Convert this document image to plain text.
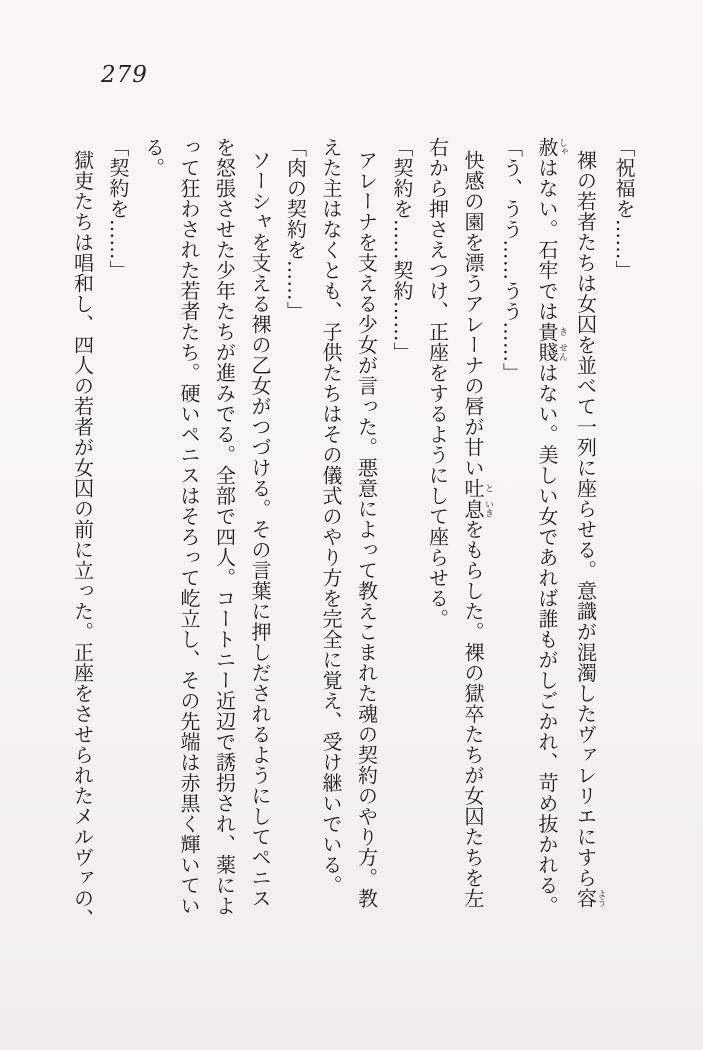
279
「祝福を……」
裸の若者たちは女囚を並べて一列に座らせる。意識が混濁したヴァレリエにすら容よう
赦しゃはない。石牢では貴き賤せんはない。美しい女であれば誰もがしごかれ、苛め抜かれる。
「う、うう……うう……」
快感の園を漂うアレーナの唇が甘い吐と息いきをもらした。裸の獄卒たちが女囚たちを左
右から押さえつけ、正座をするようにして座らせる。
「契約を……契約……」
アレーナを支える少女が言った。悪意によって教えこまれた魂の契約のやり方。教
えた主はなくとも、子供たちはその儀式のやり方を完全に覚え、受け継いでいる。
「肉の契約を……」
ソーシャを支える裸の乙女がつづける。その言葉に押しだされるようにしてペニス
を怒張させた少年たちが進みでる。全部で四人。コートニー近辺で誘拐され、薬によ
って狂わされた若者たち。硬いペニスはそろって屹立し、その先端は赤黒く輝いてい
る。
「契約を……」
獄吏たちは唱和し、四人の若者が女囚の前に立った。正座をさせられたメルヴァの、
